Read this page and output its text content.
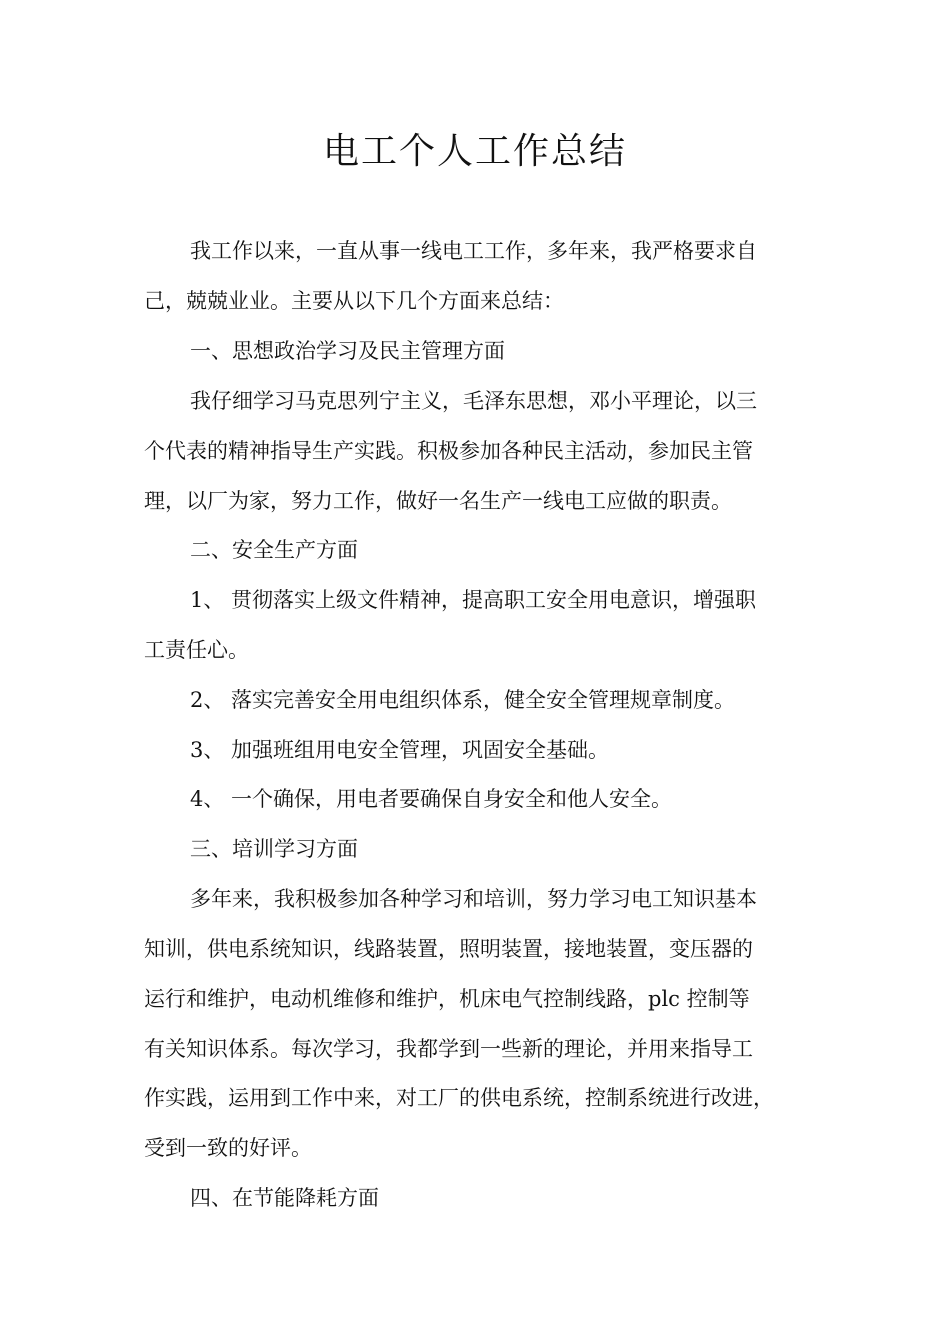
电工个人工作总结

我工作以来，一直从事一线电工工作，多年来，我严格要求自

己，兢兢业业。主要从以下几个方面来总结：

一、思想政治学习及民主管理方面

我仔细学习马克思列宁主义，毛泽东思想，邓小平理论，以三

个代表的精神指导生产实践。积极参加各种民主活动，参加民主管

理，以厂为家，努力工作，做好一名生产一线电工应做的职责。

二、安全生产方面

1、 贯彻落实上级文件精神，提高职工安全用电意识，增强职

工责任心。

2、 落实完善安全用电组织体系，健全安全管理规章制度。

3、 加强班组用电安全管理，巩固安全基础。

4、 一个确保，用电者要确保自身安全和他人安全。

三、培训学习方面

多年来，我积极参加各种学习和培训，努力学习电工知识基本

知训，供电系统知识，线路装置，照明装置，接地装置，变压器的

运行和维护，电动机维修和维护，机床电气控制线路，plc 控制等

有关知识体系。每次学习，我都学到一些新的理论，并用来指导工

作实践，运用到工作中来，对工厂的供电系统，控制系统进行改进，

受到一致的好评。

四、在节能降耗方面
